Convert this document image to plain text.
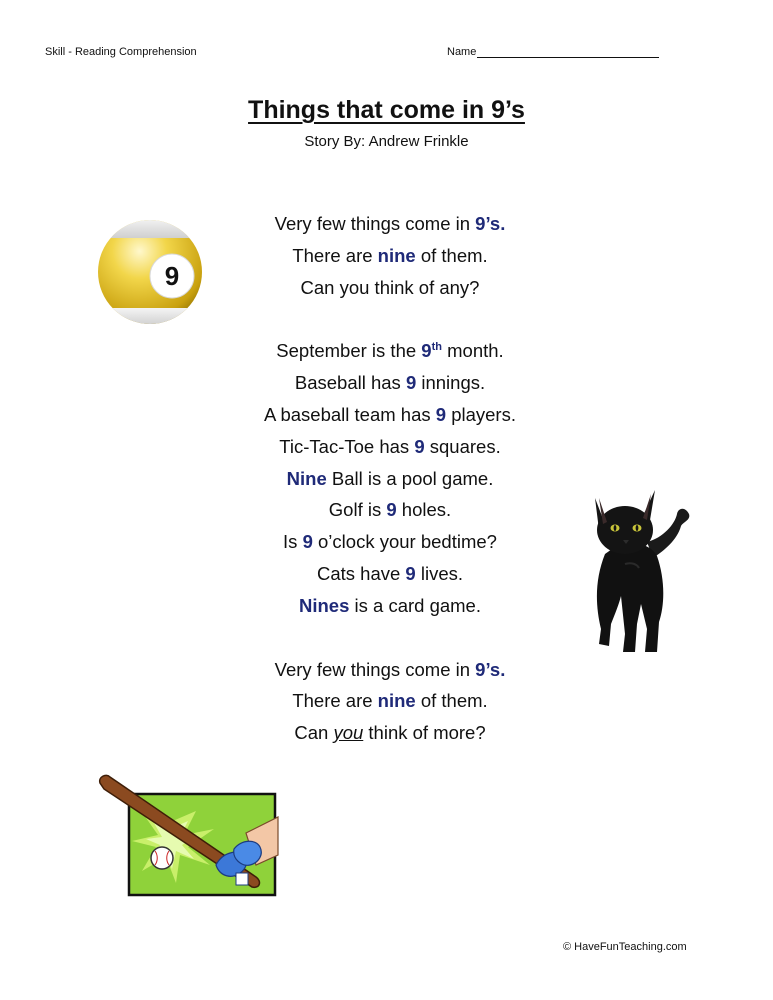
Skill - Reading Comprehension	Name
Things that come in 9’s
Story By: Andrew Frinkle
9
Very few things come in 9’s.
There are nine of them.
Can you think of any?
September is the 9th month.
Baseball has 9 innings.
A baseball team has 9 players.
Tic-Tac-Toe has 9 squares.
Nine Ball is a pool game.
Golf is 9 holes.
Is 9 o’clock your bedtime?
Cats have 9 lives.
Nines is a card game.
Very few things come in 9’s.
There are nine of them.
Can you think of more?
© HaveFunTeaching.com
